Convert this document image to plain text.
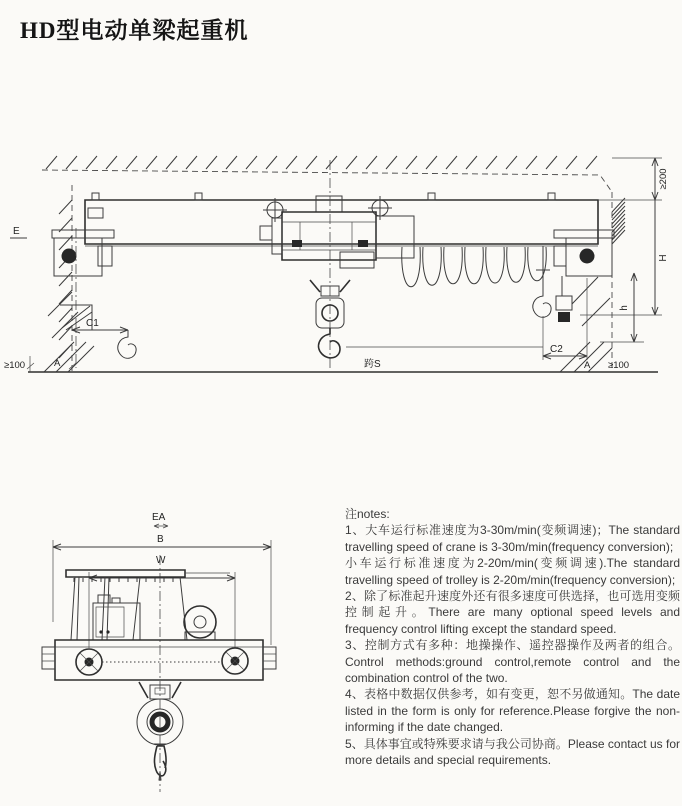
HD型电动单梁起重机
E
≥100	A
C1
跨S
C2
A ≥100
≥200
H
h
EA
B
W

注notes:

1、大车运行标准速度为3-30m/min(变频调速)；The standard travelling speed of crane is 3-30m/min(frequency conversion);

小车运行标准速度为2-20m/min(变频调速).The standard travelling speed of trolley is 2-20m/min(frequency conversion);

2、除了标准起升速度外还有很多速度可供选择，也可选用变频控制起升。There are many optional speed levels and frequency control lifting except the standard speed.

3、控制方式有多种：地操操作、遥控器操作及两者的组合。Control methods:ground control,remote control and the combination control of the two.

4、表格中数据仅供参考，如有变更，恕不另做通知。The date listed in the form is only for reference.Please forgive the non-informing if the date changed.

5、具体事宜或特殊要求请与我公司协商。Please contact us for more details and special requirements.
